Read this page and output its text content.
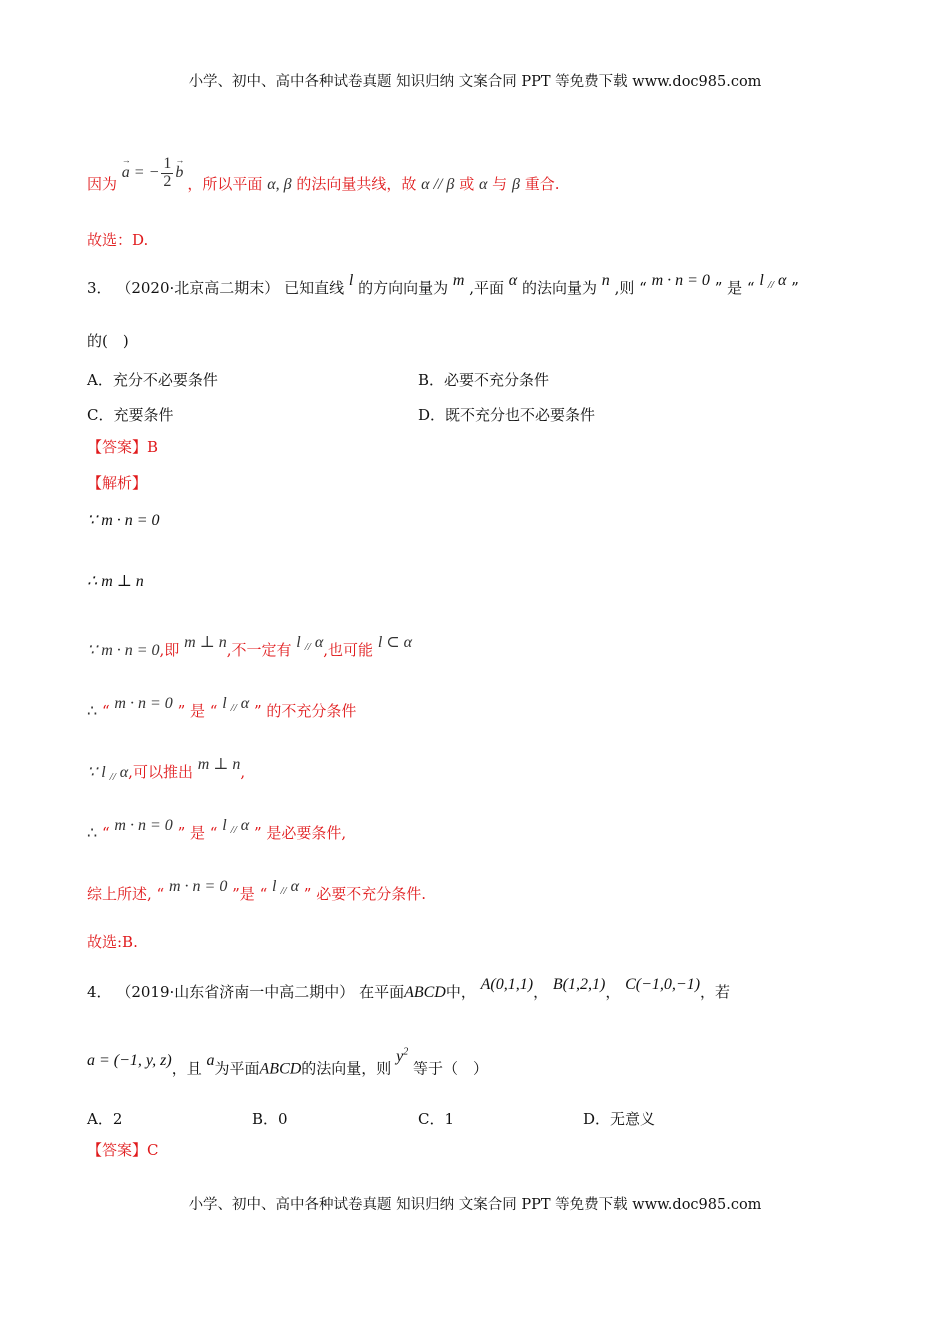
小学、初中、高中各种试卷真题 知识归纳 文案合同 PPT 等免费下载 www.doc985.com
因为 a
→
= − $\frac{1}{2}$ b
→
，所以平面 α, β 的法向量共线，故 α // β 或 α 与 β 重合.
故选：D.
3． （2020·北京高二期末） 已知直线 l 的方向向量为 m ,平面 α 的法向量为 n ,则 “ m · n = 0 ” 是 “ l // α ”
的(　)
A．充分不必要条件	B．必要不充分条件
C．充要条件	D．既不充分也不必要条件
【答案】B
【解析】
∵ m · n = 0
∴ m ⊥ n
∵ m · n = 0,即 m ⊥ n,不一定有 l // α,也可能 l ⊂ α
∴ “ m · n = 0 ” 是 “ l // α ” 的不充分条件
∵ l // α,可以推出 m ⊥ n,
∴ “ m · n = 0 ” 是 “ l // α ” 是必要条件,
综上所述, “ m · n = 0 ”是 “ l // α ” 必要不充分条件.
故选:B.
4． （2019·山东省济南一中高二期中） 在平面ABCD中， A(0,1,1)， B(1,2,1)， C(−1,0,−1)，若
a = (−1, y, z)，且 a为平面ABCD的法向量，则 $y^2$ 等于（　）
A．2	B．0	C．1	D．无意义
【答案】C
小学、初中、高中各种试卷真题 知识归纳 文案合同 PPT 等免费下载 www.doc985.com
